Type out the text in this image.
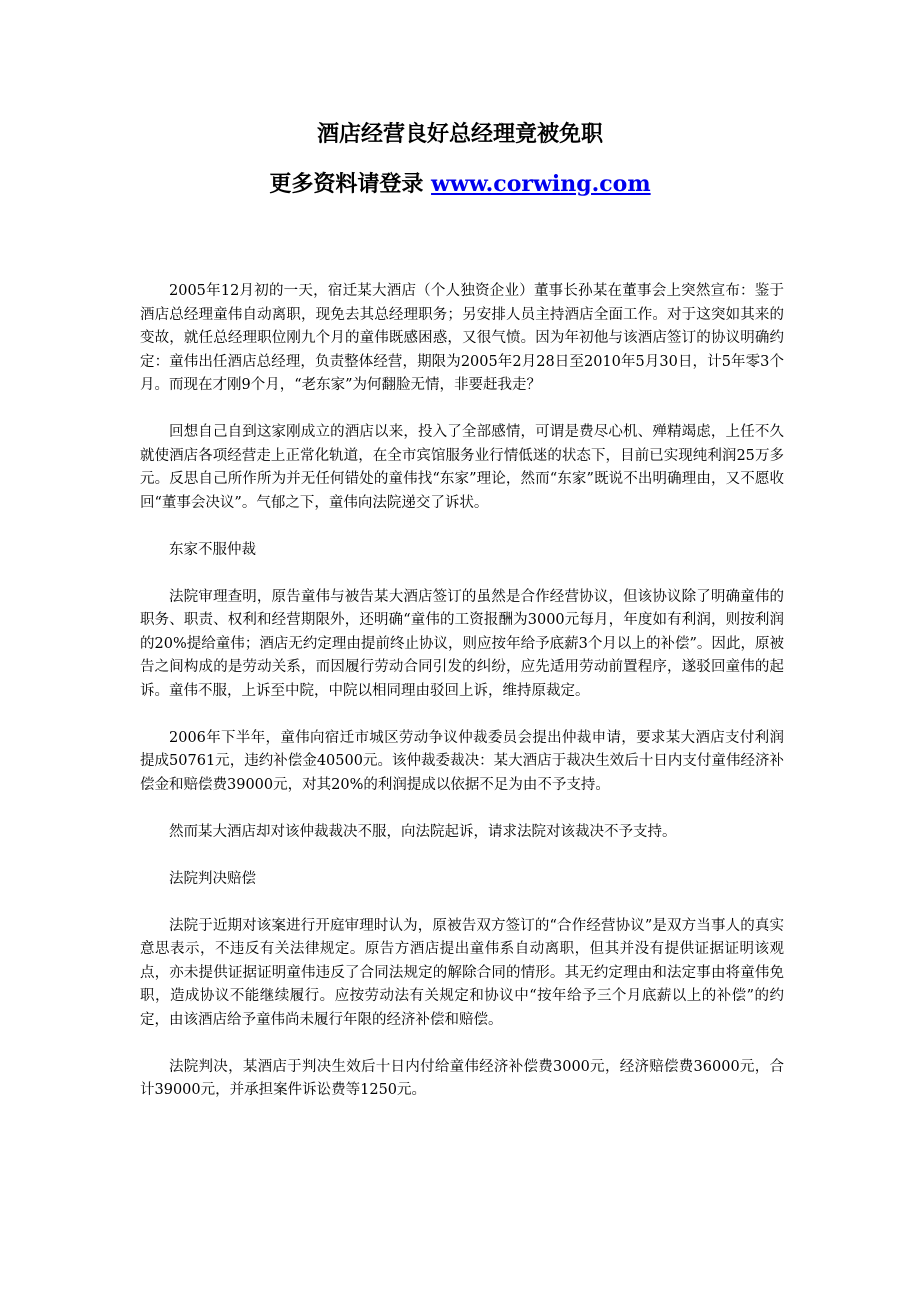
酒店经营良好总经理竟被免职
更多资料请登录 www.corwing.com

2005年12月初的一天，宿迁某大酒店（个人独资企业）董事长孙某在董事会上突然宣布：鉴于酒店总经理童伟自动离职，现免去其总经理职务；另安排人员主持酒店全面工作。对于这突如其来的变故，就任总经理职位刚九个月的童伟既感困惑，又很气愤。因为年初他与该酒店签订的协议明确约定：童伟出任酒店总经理，负责整体经营，期限为2005年2月28日至2010年5月30日，计5年零3个月。而现在才刚9个月，“老东家”为何翻脸无情，非要赶我走？

回想自己自到这家刚成立的酒店以来，投入了全部感情，可谓是费尽心机、殚精竭虑，上任不久就使酒店各项经营走上正常化轨道，在全市宾馆服务业行情低迷的状态下，目前已实现纯利润25万多元。反思自己所作所为并无任何错处的童伟找“东家”理论，然而“东家”既说不出明确理由，又不愿收回“董事会决议”。气郁之下，童伟向法院递交了诉状。

东家不服仲裁

法院审理查明，原告童伟与被告某大酒店签订的虽然是合作经营协议，但该协议除了明确童伟的职务、职责、权利和经营期限外，还明确“童伟的工资报酬为3000元每月，年度如有利润，则按利润的20%提给童伟；酒店无约定理由提前终止协议，则应按年给予底薪3个月以上的补偿”。因此，原被告之间构成的是劳动关系，而因履行劳动合同引发的纠纷，应先适用劳动前置程序，遂驳回童伟的起诉。童伟不服，上诉至中院，中院以相同理由驳回上诉，维持原裁定。

2006年下半年，童伟向宿迁市城区劳动争议仲裁委员会提出仲裁申请，要求某大酒店支付利润提成50761元，违约补偿金40500元。该仲裁委裁决：某大酒店于裁决生效后十日内支付童伟经济补偿金和赔偿费39000元，对其20%的利润提成以依据不足为由不予支持。

然而某大酒店却对该仲裁裁决不服，向法院起诉，请求法院对该裁决不予支持。

法院判决赔偿

法院于近期对该案进行开庭审理时认为，原被告双方签订的“合作经营协议”是双方当事人的真实意思表示，不违反有关法律规定。原告方酒店提出童伟系自动离职，但其并没有提供证据证明该观点，亦未提供证据证明童伟违反了合同法规定的解除合同的情形。其无约定理由和法定事由将童伟免职，造成协议不能继续履行。应按劳动法有关规定和协议中“按年给予三个月底薪以上的补偿”的约定，由该酒店给予童伟尚未履行年限的经济补偿和赔偿。

法院判决，某酒店于判决生效后十日内付给童伟经济补偿费3000元，经济赔偿费36000元，合计39000元，并承担案件诉讼费等1250元。
